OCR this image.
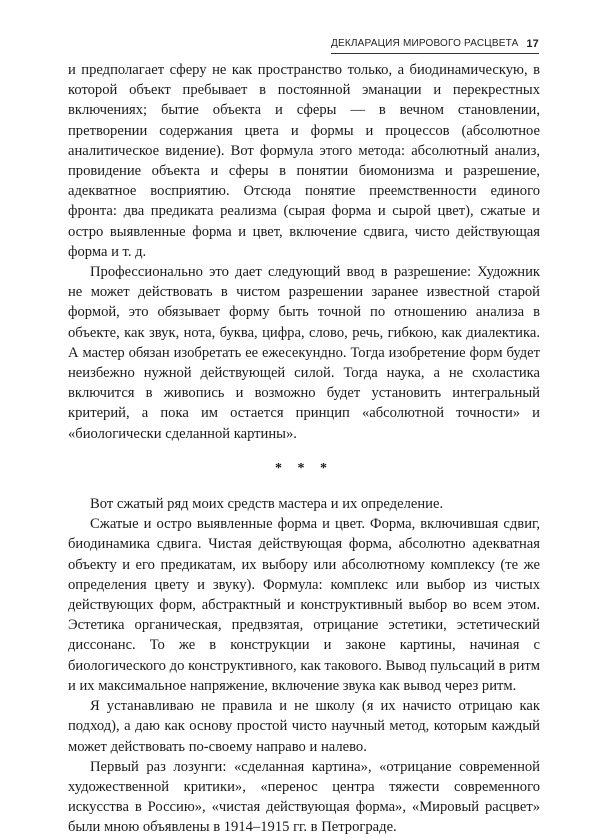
ДЕКЛАРАЦИЯ МИРОВОГО РАСЦВЕТА 17

и предполагает сферу не как пространство только, а биодинамическую, в которой объект пребывает в постоянной эманации и перекрестных включениях; бытие объекта и сферы — в вечном становлении, претворении содержания цвета и формы и процессов (абсолютное аналитическое видение). Вот формула этого метода: абсолютный анализ, провидение объекта и сферы в понятии биомонизма и разрешение, адекватное восприятию. Отсюда понятие преемственности единого фронта: два предиката реализма (сырая форма и сырой цвет), сжатые и остро выявленные форма и цвет, включение сдвига, чисто действующая форма и т. д.

Профессионально это дает следующий ввод в разрешение: Художник не может действовать в чистом разрешении заранее известной старой формой, это обязывает форму быть точной по отношению анализа в объекте, как звук, нота, буква, цифра, слово, речь, гибкою, как диалектика. А мастер обязан изобретать ее ежесекундно. Тогда изобретение форм будет неизбежно нужной действующей силой. Тогда наука, а не схоластика включится в живопись и возможно будет установить интегральный критерий, а пока им остается принцип «абсолютной точности» и «биологически сделанной картины».

* * *

Вот сжатый ряд моих средств мастера и их определение.

Сжатые и остро выявленные форма и цвет. Форма, включившая сдвиг, биодинамика сдвига. Чистая действующая форма, абсолютно адекватная объекту и его предикатам, их выбору или абсолютному комплексу (те же определения цвету и звуку). Формула: комплекс или выбор из чистых действующих форм, абстрактный и конструктивный выбор во всем этом. Эстетика органическая, предвзятая, отрицание эстетики, эстетический диссонанс. То же в конструкции и законе картины, начиная с биологического до конструктивного, как такового. Вывод пульсаций в ритм и их максимальное напряжение, включение звука как вывод через ритм.

Я устанавливаю не правила и не школу (я их начисто отрицаю как подход), а даю как основу простой чисто научный метод, которым каждый может действовать по-своему направо и налево.

Первый раз лозунги: «сделанная картина», «отрицание современной художественной критики», «перенос центра тяжести современного искусства в Россию», «чистая действующая форма», «Мировый расцвет» были мною объявлены в 1914–1915 гг. в Петрограде.
